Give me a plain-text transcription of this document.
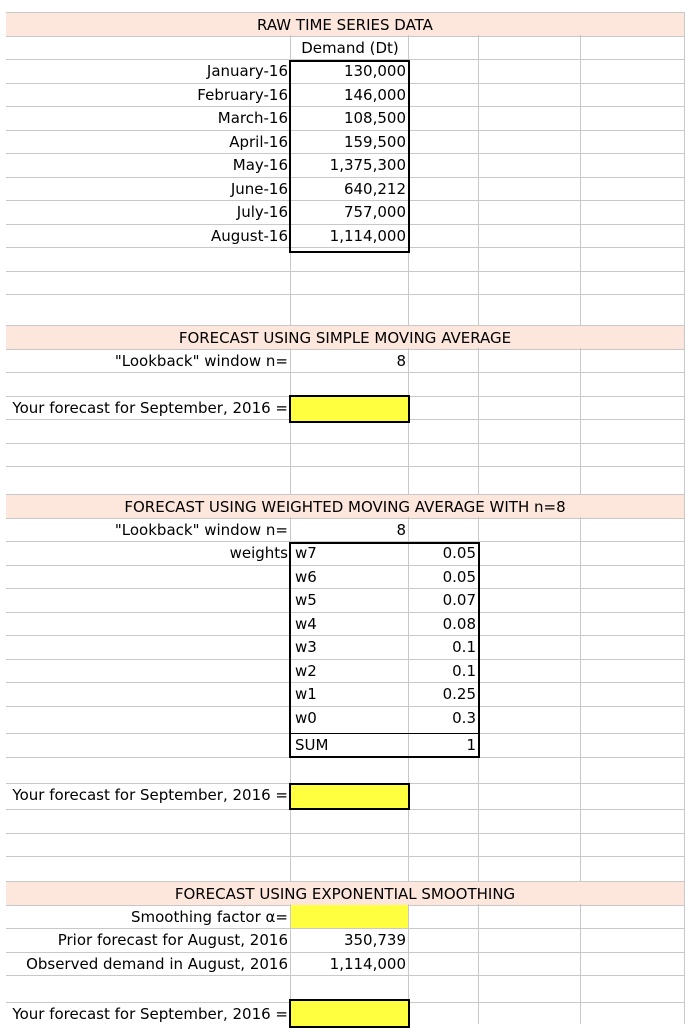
RAW TIME SERIES DATA
Demand (Dt)
January-16	130,000
February-16	146,000
March-16	108,500
April-16	159,500
May-16	1,375,300
June-16	640,212
July-16	757,000
August-16	1,114,000
FORECAST USING SIMPLE MOVING AVERAGE
"Lookback" window n=	8
Your forecast for September, 2016 =
FORECAST USING WEIGHTED MOVING AVERAGE WITH n=8
"Lookback" window n=	8
weights w7	0.05
w6	0.05
w5	0.07
w4	0.08
w3	0.1
w2	0.1
w1	0.25
w0	0.3
SUM	1
Your forecast for September, 2016 =
FORECAST USING EXPONENTIAL SMOOTHING
Smoothing factor α=
Prior forecast for August, 2016	350,739
Observed demand in August, 2016	1,114,000
Your forecast for September, 2016 =
